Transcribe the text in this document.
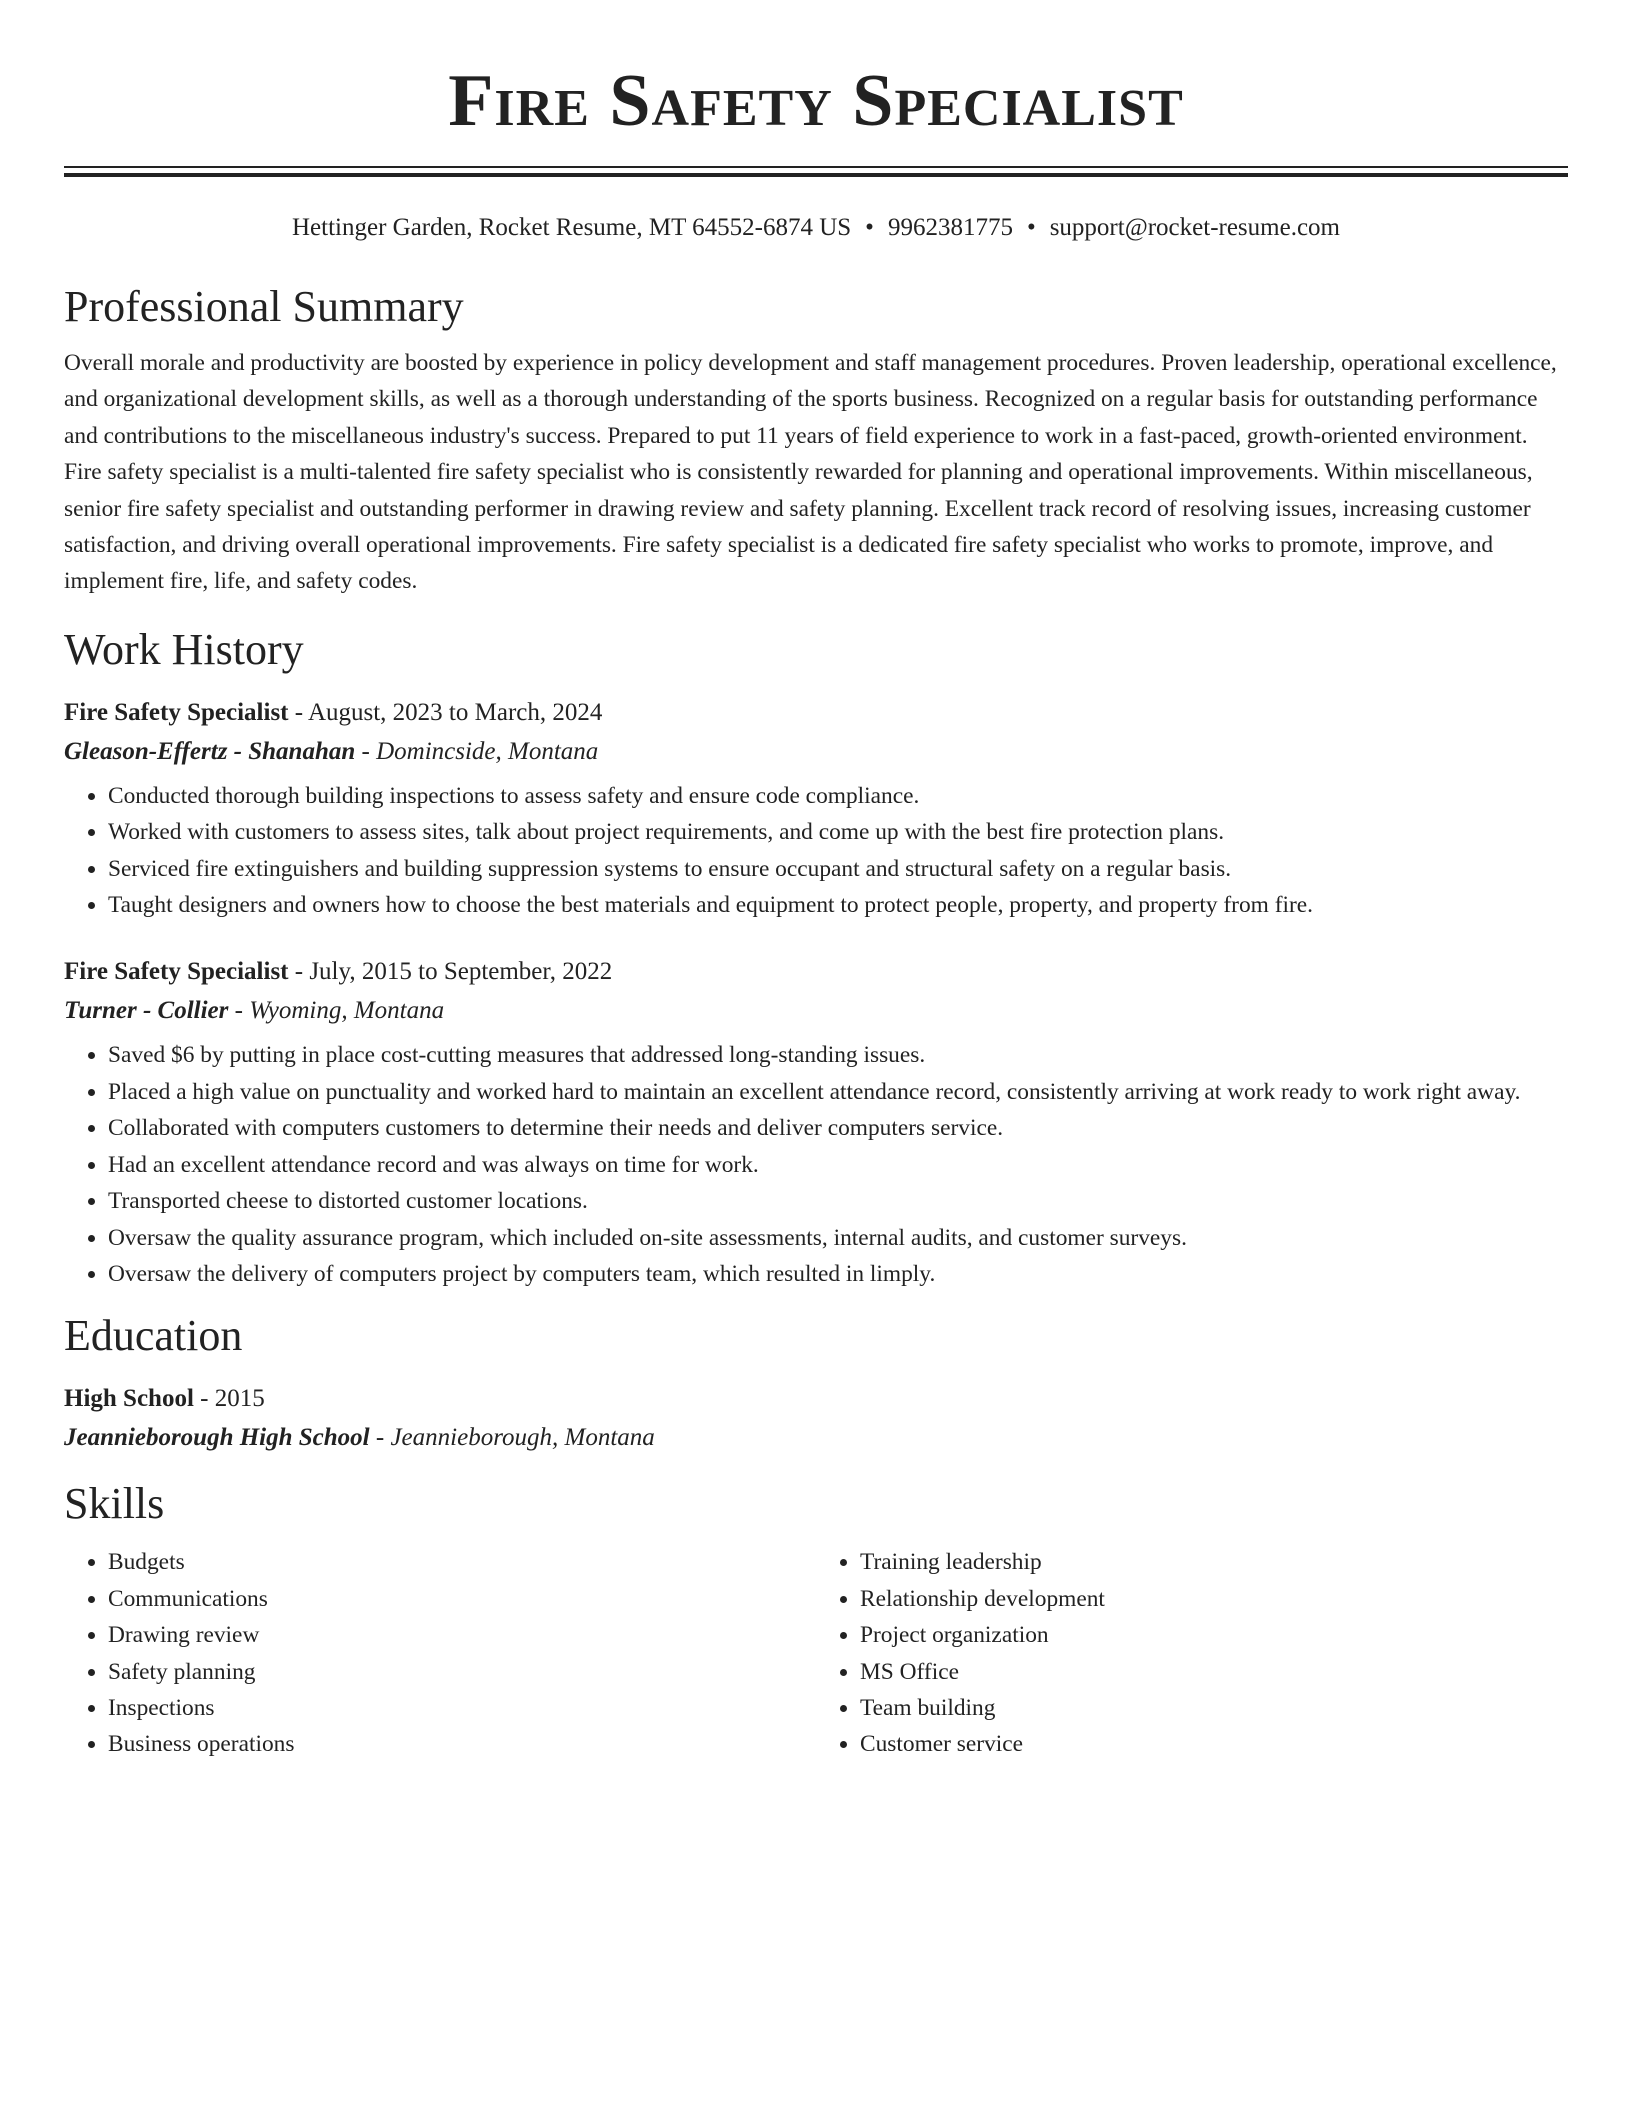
Fire Safety Specialist
Hettinger Garden, Rocket Resume, MT 64552-6874 US • 9962381775 • support@rocket-resume.com
Professional Summary

Overall morale and productivity are boosted by experience in policy development and staff management procedures. Proven leadership, operational excellence, and organizational development skills, as well as a thorough understanding of the sports business. Recognized on a regular basis for outstanding performance and contributions to the miscellaneous industry's success. Prepared to put 11 years of field experience to work in a fast-paced, growth-oriented environment. Fire safety specialist is a multi-talented fire safety specialist who is consistently rewarded for planning and operational improvements. Within miscellaneous, senior fire safety specialist and outstanding performer in drawing review and safety planning. Excellent track record of resolving issues, increasing customer satisfaction, and driving overall operational improvements. Fire safety specialist is a dedicated fire safety specialist who works to promote, improve, and implement fire, life, and safety codes.

Work History
Fire Safety Specialist - August, 2023 to March, 2024
Gleason-Effertz - Shanahan - Domincside, Montana
• Conducted thorough building inspections to assess safety and ensure code compliance.
• Worked with customers to assess sites, talk about project requirements, and come up with the best fire protection plans.
• Serviced fire extinguishers and building suppression systems to ensure occupant and structural safety on a regular basis.
• Taught designers and owners how to choose the best materials and equipment to protect people, property, and property from fire.
Fire Safety Specialist - July, 2015 to September, 2022
Turner - Collier - Wyoming, Montana
• Saved $6 by putting in place cost-cutting measures that addressed long-standing issues.
• Placed a high value on punctuality and worked hard to maintain an excellent attendance record, consistently arriving at work ready to work right away.
• Collaborated with computers customers to determine their needs and deliver computers service.
• Had an excellent attendance record and was always on time for work.
• Transported cheese to distorted customer locations.
• Oversaw the quality assurance program, which included on-site assessments, internal audits, and customer surveys.
• Oversaw the delivery of computers project by computers team, which resulted in limply.
Education
High School - 2015
Jeannieborough High School - Jeannieborough, Montana
Skills
• Budgets
• Communications
• Drawing review
• Safety planning
• Inspections
• Business operations
• Training leadership
• Relationship development
• Project organization
• MS Office
• Team building
• Customer service
